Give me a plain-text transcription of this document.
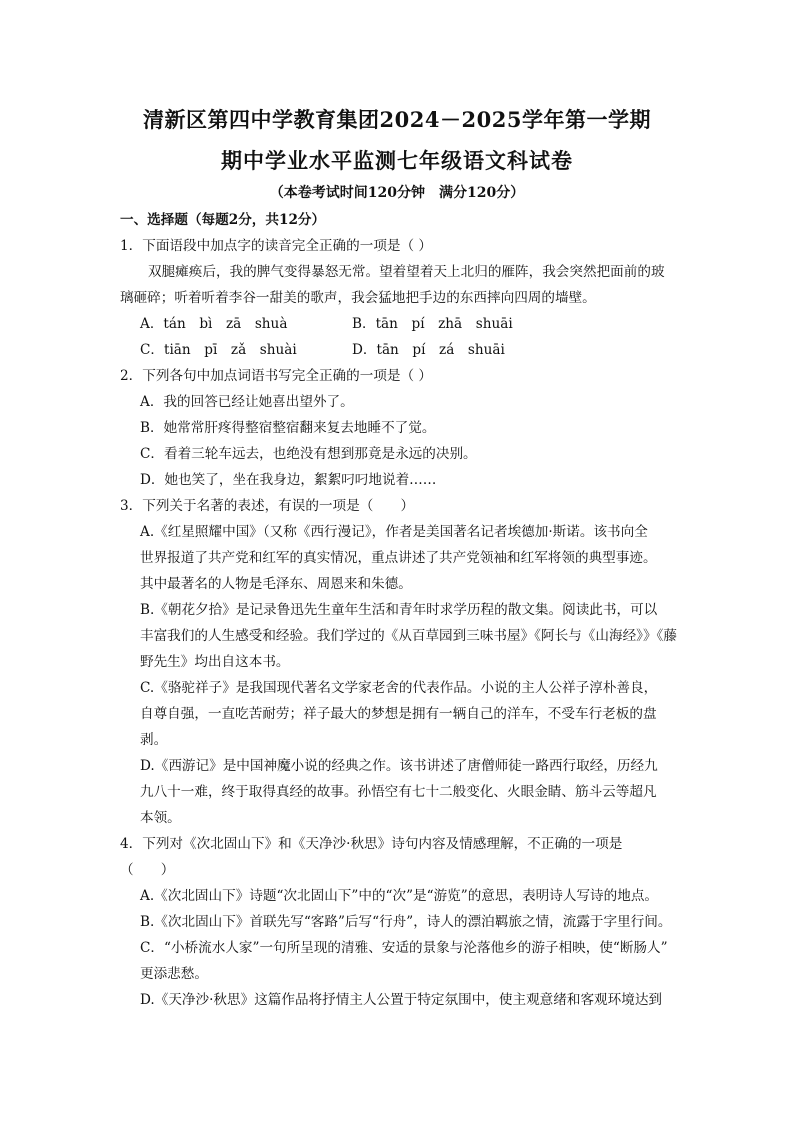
清新区第四中学教育集团2024－2025学年第一学期
期中学业水平监测七年级语文科试卷
（本卷考试时间120分钟　满分120分）
一、选择题（每题2分，共12分）
1．下面语段中加点字的读音完全正确的一项是（ ）
双腿瘫痪后，我的脾气变得暴怒无常。望着望着天上北归的雁阵，我会突然把面前的玻
璃砸碎；听着听着李谷一甜美的歌声，我会猛地把手边的东西摔向四周的墙壁。
A．tán　bì　zā　shuà	B．tān　pí　zhā　shuāi
C．tiān　pī　zǎ　shuài	D．tān　pí　zá　shuāi
2．下列各句中加点词语书写完全正确的一项是（ ）
A．我的回答已经让她喜出望外了。
B．她常常肝疼得整宿整宿翻来复去地睡不了觉。
C．看着三轮车远去，也绝没有想到那竟是永远的决别。
D．她也笑了，坐在我身边，絮絮叼叼地说着……
3．下列关于名著的表述，有误的一项是（　　）
A.《红星照耀中国》（又称《西行漫记》，作者是美国著名记者埃德加·斯诺。该书向全
世界报道了共产党和红军的真实情况，重点讲述了共产党领袖和红军将领的典型事迹。
其中最著名的人物是毛泽东、周恩来和朱德。
B.《朝花夕拾》是记录鲁迅先生童年生活和青年时求学历程的散文集。阅读此书，可以
丰富我们的人生感受和经验。我们学过的《从百草园到三味书屋》《阿长与《山海经》》《藤
野先生》均出自这本书。
C.《骆驼祥子》是我国现代著名文学家老舍的代表作品。小说的主人公祥子淳朴善良，
自尊自强，一直吃苦耐劳；祥子最大的梦想是拥有一辆自己的洋车，不受车行老板的盘
剥。
D.《西游记》是中国神魔小说的经典之作。该书讲述了唐僧师徒一路西行取经，历经九
九八十一难，终于取得真经的故事。孙悟空有七十二般变化、火眼金睛、筋斗云等超凡
本领。
4．下列对《次北固山下》和《天净沙·秋思》诗句内容及情感理解，不正确的一项是
（　　）
A.《次北固山下》诗题“次北固山下”中的“次”是“游览”的意思，表明诗人写诗的地点。
B.《次北固山下》首联先写“客路”后写“行舟”，诗人的漂泊羁旅之情，流露于字里行间。
C．“小桥流水人家”一句所呈现的清雅、安适的景象与沦落他乡的游子相映，使“断肠人”
更添悲愁。
D.《天净沙·秋思》这篇作品将抒情主人公置于特定氛围中，使主观意绪和客观环境达到
